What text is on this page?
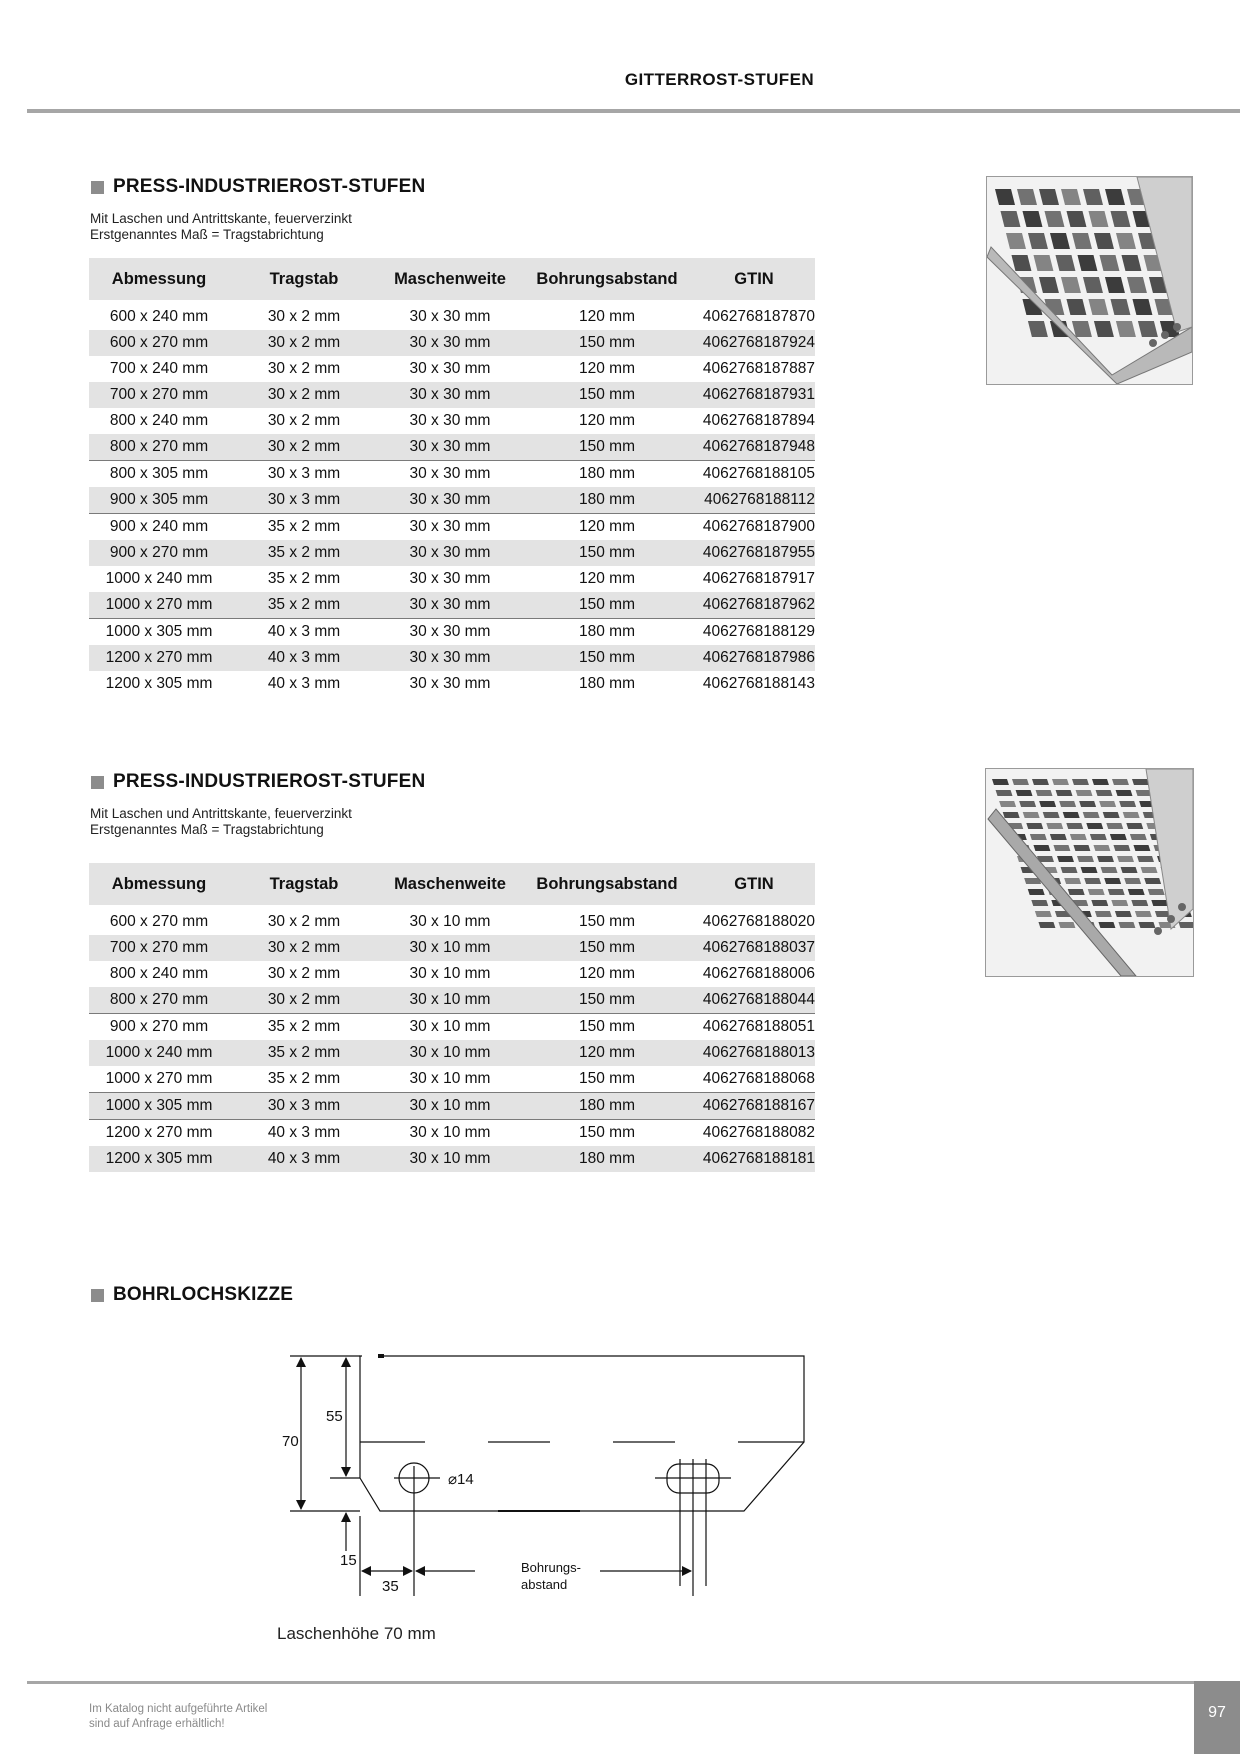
GITTERROST-STUFEN
PRESS-INDUSTRIEROST-STUFEN
Mit Laschen und Antrittskante, feuerverzinkt
Erstgenanntes Maß = Tragstabrichtung
Abmessung	Tragstab	Maschenweite	Bohrungsabstand	GTIN
600 x 240 mm	30 x 2 mm	30 x 30 mm	120 mm	4062768187870
600 x 270 mm	30 x 2 mm	30 x 30 mm	150 mm	4062768187924
700 x 240 mm	30 x 2 mm	30 x 30 mm	120 mm	4062768187887
700 x 270 mm	30 x 2 mm	30 x 30 mm	150 mm	4062768187931
800 x 240 mm	30 x 2 mm	30 x 30 mm	120 mm	4062768187894
800 x 270 mm	30 x 2 mm	30 x 30 mm	150 mm	4062768187948
800 x 305 mm	30 x 3 mm	30 x 30 mm	180 mm	4062768188105
900 x 305 mm	30 x 3 mm	30 x 30 mm	180 mm	4062768188112
900 x 240 mm	35 x 2 mm	30 x 30 mm	120 mm	4062768187900
900 x 270 mm	35 x 2 mm	30 x 30 mm	150 mm	4062768187955
1000 x 240 mm	35 x 2 mm	30 x 30 mm	120 mm	4062768187917
1000 x 270 mm	35 x 2 mm	30 x 30 mm	150 mm	4062768187962
1000 x 305 mm	40 x 3 mm	30 x 30 mm	180 mm	4062768188129
1200 x 270 mm	40 x 3 mm	30 x 30 mm	150 mm	4062768187986
1200 x 305 mm	40 x 3 mm	30 x 30 mm	180 mm	4062768188143
PRESS-INDUSTRIEROST-STUFEN
Mit Laschen und Antrittskante, feuerverzinkt
Erstgenanntes Maß = Tragstabrichtung
Abmessung	Tragstab	Maschenweite	Bohrungsabstand	GTIN
600 x 270 mm	30 x 2 mm	30 x 10 mm	150 mm	4062768188020
700 x 270 mm	30 x 2 mm	30 x 10 mm	150 mm	4062768188037
800 x 240 mm	30 x 2 mm	30 x 10 mm	120 mm	4062768188006
800 x 270 mm	30 x 2 mm	30 x 10 mm	150 mm	4062768188044
900 x 270 mm	35 x 2 mm	30 x 10 mm	150 mm	4062768188051
1000 x 240 mm	35 x 2 mm	30 x 10 mm	120 mm	4062768188013
1000 x 270 mm	35 x 2 mm	30 x 10 mm	150 mm	4062768188068
1000 x 305 mm	30 x 3 mm	30 x 10 mm	180 mm	4062768188167
1200 x 270 mm	40 x 3 mm	30 x 10 mm	150 mm	4062768188082
1200 x 305 mm	40 x 3 mm	30 x 10 mm	180 mm	4062768188181
BOHRLOCHSKIZZE
70
55
15
35
⌀14
Bohrungs-
abstand
Laschenhöhe 70 mm
Im Katalog nicht aufgeführte Artikel
sind auf Anfrage erhältlich!
97
